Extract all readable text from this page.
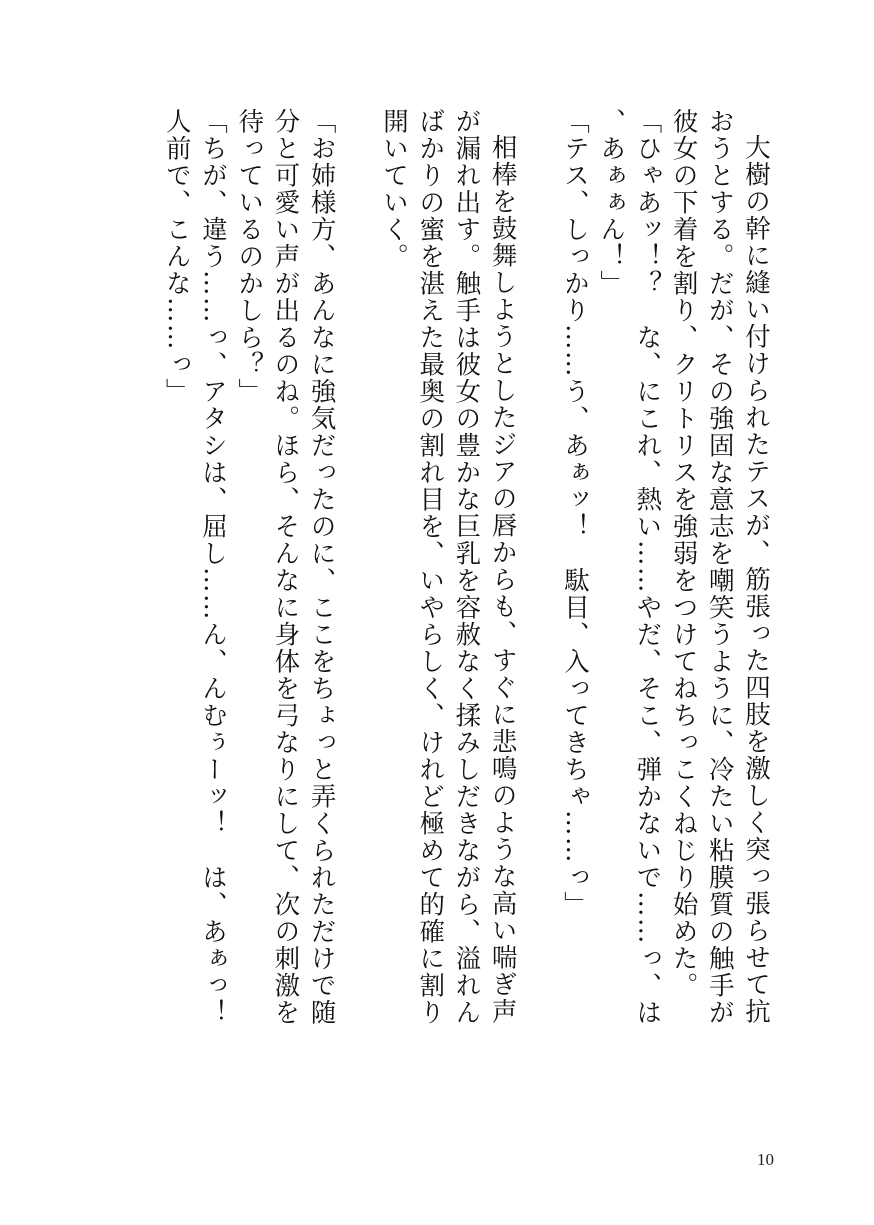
大樹の幹に縫い付けられたテスが、筋張った四肢を激しく突っ張らせて抗おうとする。だが、その強固な意志を嘲笑うように、冷たい粘膜質の触手が彼女の下着を割り、クリトリスを強弱をつけてねちっこくねじり始めた。

「ひゃあッ！？　な、にこれ、熱い……やだ、そこ、弾かないで……っ、は、あぁぁん！」

「テス、しっかり……う、あぁッ！　駄目、入ってきちゃ……っ」

相棒を鼓舞しようとしたジアの唇からも、すぐに悲鳴のような高い喘ぎ声が漏れ出す。触手は彼女の豊かな巨乳を容赦なく揉みしだきながら、溢れんばかりの蜜を湛えた最奥の割れ目を、いやらしく、けれど極めて的確に割り開いていく。

「お姉様方、あんなに強気だったのに、ここをちょっと弄くられただけで随分と可愛い声が出るのね。ほら、そんなに身体を弓なりにして、次の刺激を待っているのかしら？」

「ちが、違う……っ、アタシは、屈し……ん、んむぅーッ！　は、あぁっ！人前で、こんな……っ」

10
